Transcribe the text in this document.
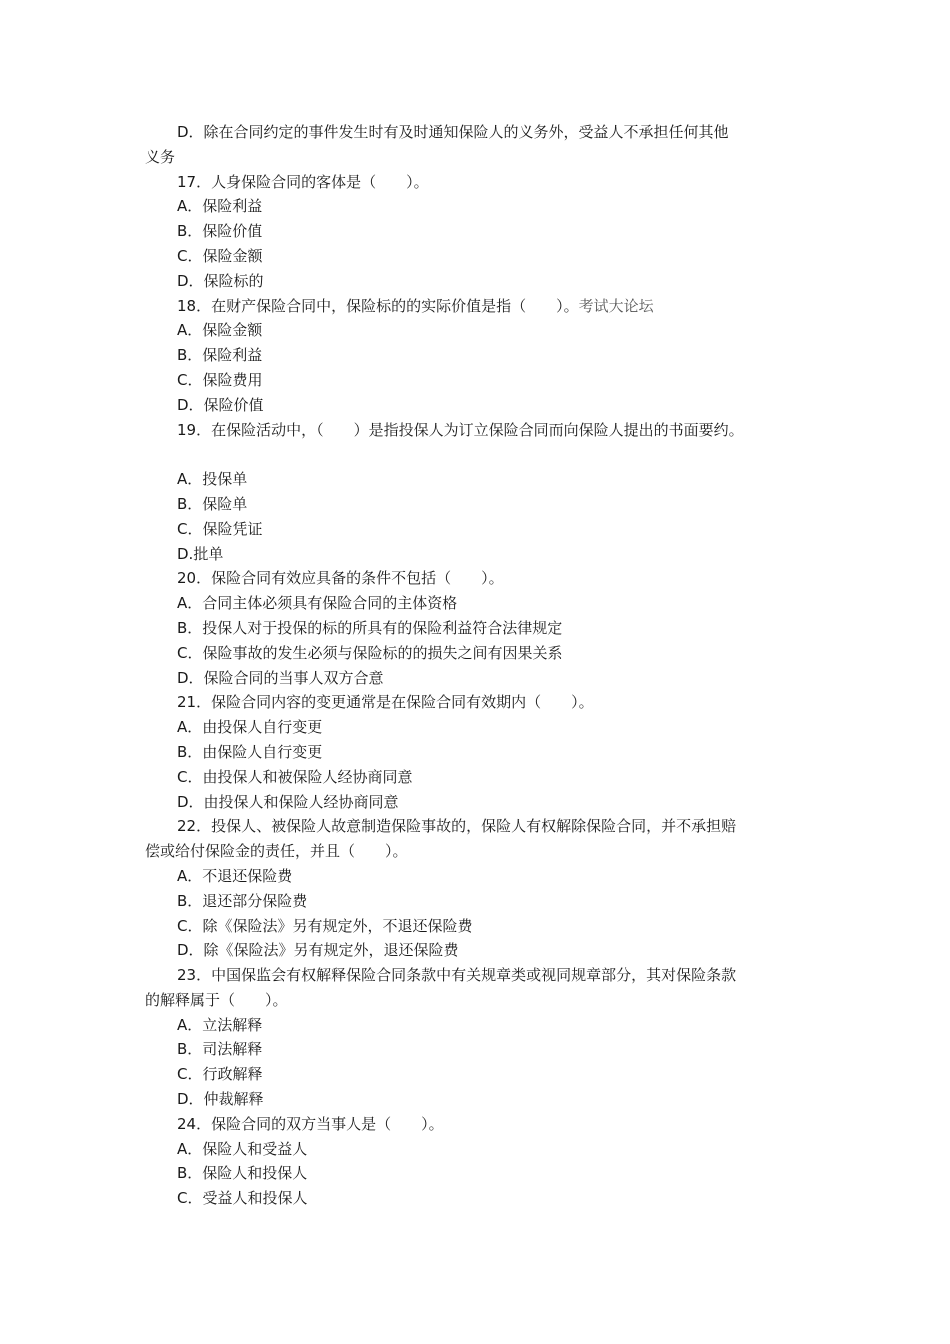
D．除在合同约定的事件发生时有及时通知保险人的义务外，受益人不承担任何其他
义务
17．人身保险合同的客体是（　　）。
A．保险利益
B．保险价值
C．保险金额
D．保险标的
18．在财产保险合同中，保险标的的实际价值是指（　　）。考试大论坛
A．保险金额
B．保险利益
C．保险费用
D．保险价值
19．在保险活动中，（　　）是指投保人为订立保险合同而向保险人提出的书面要约。
A．投保单
B．保险单
C．保险凭证
D.批单
20．保险合同有效应具备的条件不包括（　　）。
A．合同主体必须具有保险合同的主体资格
B．投保人对于投保的标的所具有的保险利益符合法律规定
C．保险事故的发生必须与保险标的的损失之间有因果关系
D．保险合同的当事人双方合意
21．保险合同内容的变更通常是在保险合同有效期内（　　）。
A．由投保人自行变更
B．由保险人自行变更
C．由投保人和被保险人经协商同意
D．由投保人和保险人经协商同意
22．投保人、被保险人故意制造保险事故的，保险人有权解除保险合同，并不承担赔
偿或给付保险金的责任，并且（　　）。
A．不退还保险费
B．退还部分保险费
C．除《保险法》另有规定外，不退还保险费
D．除《保险法》另有规定外，退还保险费
23．中国保监会有权解释保险合同条款中有关规章类或视同规章部分，其对保险条款
的解释属于（　　）。
A．立法解释
B．司法解释
C．行政解释
D．仲裁解释
24．保险合同的双方当事人是（　　）。
A．保险人和受益人
B．保险人和投保人
C．受益人和投保人
